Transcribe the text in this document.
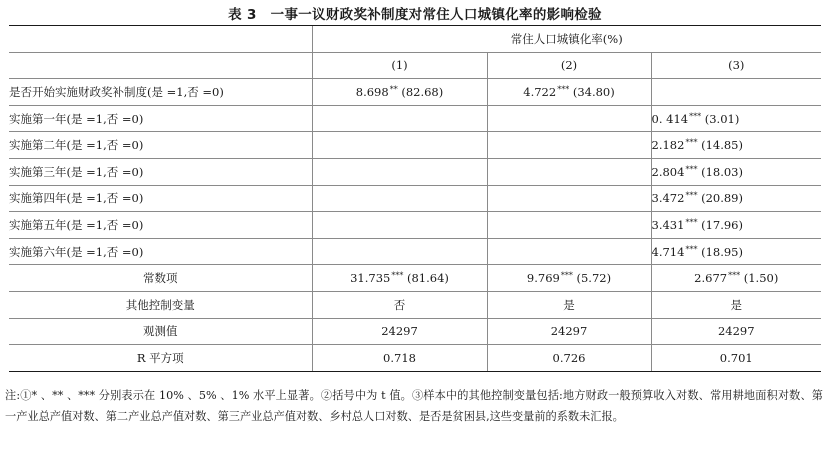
表 3 一事一议财政奖补制度对常住人口城镇化率的影响检验
	常住人口城镇化率(%)		
	(1)	(2)	(3)
是否开始实施财政奖补制度(是 =1,否 =0)	8.698** (82.68)	4.722*** (34.80)	
实施第一年(是 =1,否 =0)			0. 414*** (3.01)
实施第二年(是 =1,否 =0)			2.182*** (14.85)
实施第三年(是 =1,否 =0)			2.804*** (18.03)
实施第四年(是 =1,否 =0)			3.472*** (20.89)
实施第五年(是 =1,否 =0)			3.431*** (17.96)
实施第六年(是 =1,否 =0)			4.714*** (18.95)
常数项	31.735*** (81.64)	9.769*** (5.72)	2.677*** (1.50)
其他控制变量	否	是	是
观测值	24297	24297	24297
R 平方项	0.718	0.726	0.701
注:①* 、** 、*** 分别表示在 10% 、5% 、1% 水平上显著。②括号中为 t 值。③样本中的其他控制变量包括:地方财政一般预算收入对数、常用耕地面积对数、第一产业总产值对数、第二产业总产值对数、第三产业总产值对数、乡村总人口对数、是否是贫困县,这些变量前的系数未汇报。
